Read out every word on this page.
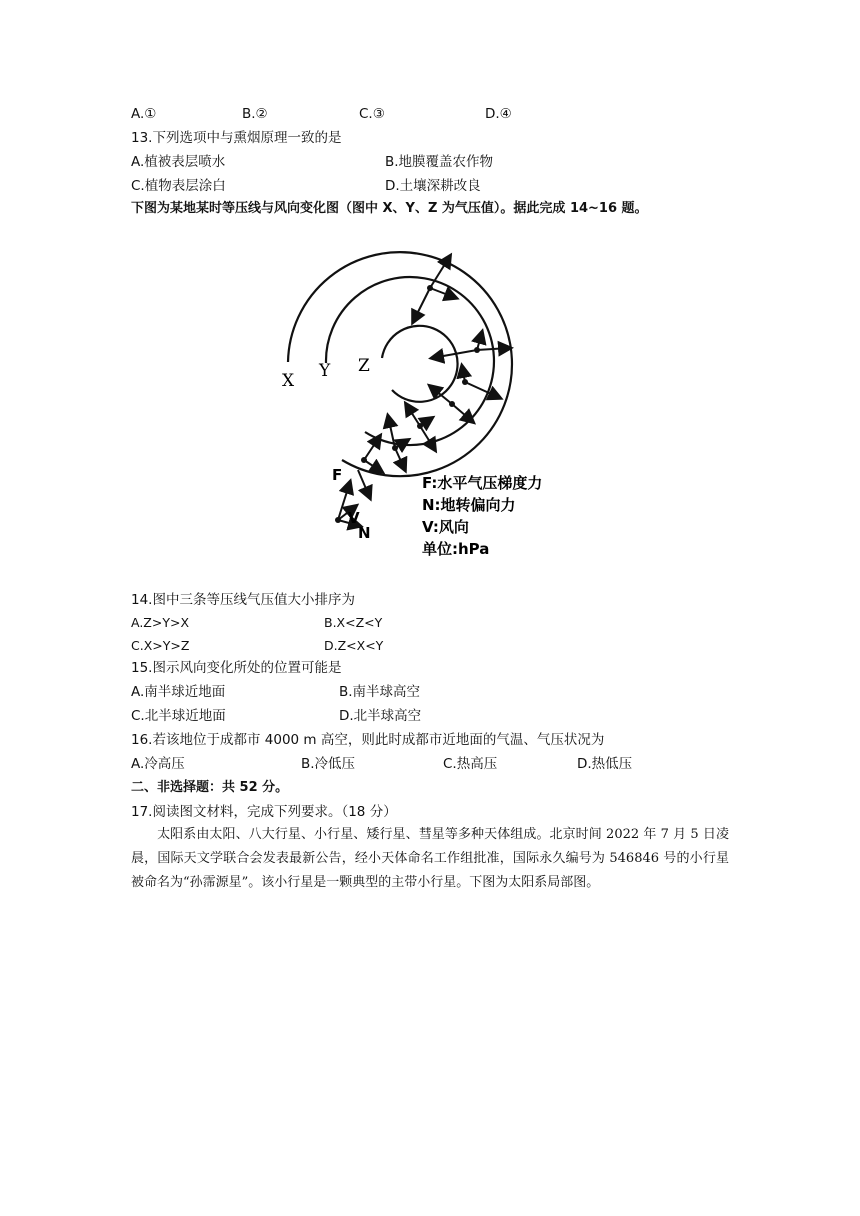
A.①	B.②	C.③	D.④
13.下列选项中与熏烟原理一致的是
A.植被表层喷水	B.地膜覆盖农作物
C.植物表层涂白	D.土壤深耕改良
下图为某地某时等压线与风向变化图（图中 X、Y、Z 为气压值）。据此完成 14~16 题。
X Y Z
F
V
N
F:水平气压梯度力
N:地转偏向力
V:风向
单位:hPa
14.图中三条等压线气压值大小排序为
A.Z>Y>X	B.X<Z<Y
C.X>Y>Z	D.Z<X<Y
15.图示风向变化所处的位置可能是
A.南半球近地面	B.南半球高空
C.北半球近地面	D.北半球高空
16.若该地位于成都市 4000 m 高空，则此时成都市近地面的气温、气压状况为
A.冷高压	B.冷低压	C.热高压	D.热低压
二、非选择题：共 52 分。
17.阅读图文材料，完成下列要求。（18 分）
太阳系由太阳、八大行星、小行星、矮行星、彗星等多种天体组成。北京时间 2022 年 7 月 5 日凌晨，国际天文学联合会发表最新公告，经小天体命名工作组批准，国际永久编号为 546846 号的小行星被命名为“孙霈源星”。该小行星是一颗典型的主带小行星。下图为太阳系局部图。
